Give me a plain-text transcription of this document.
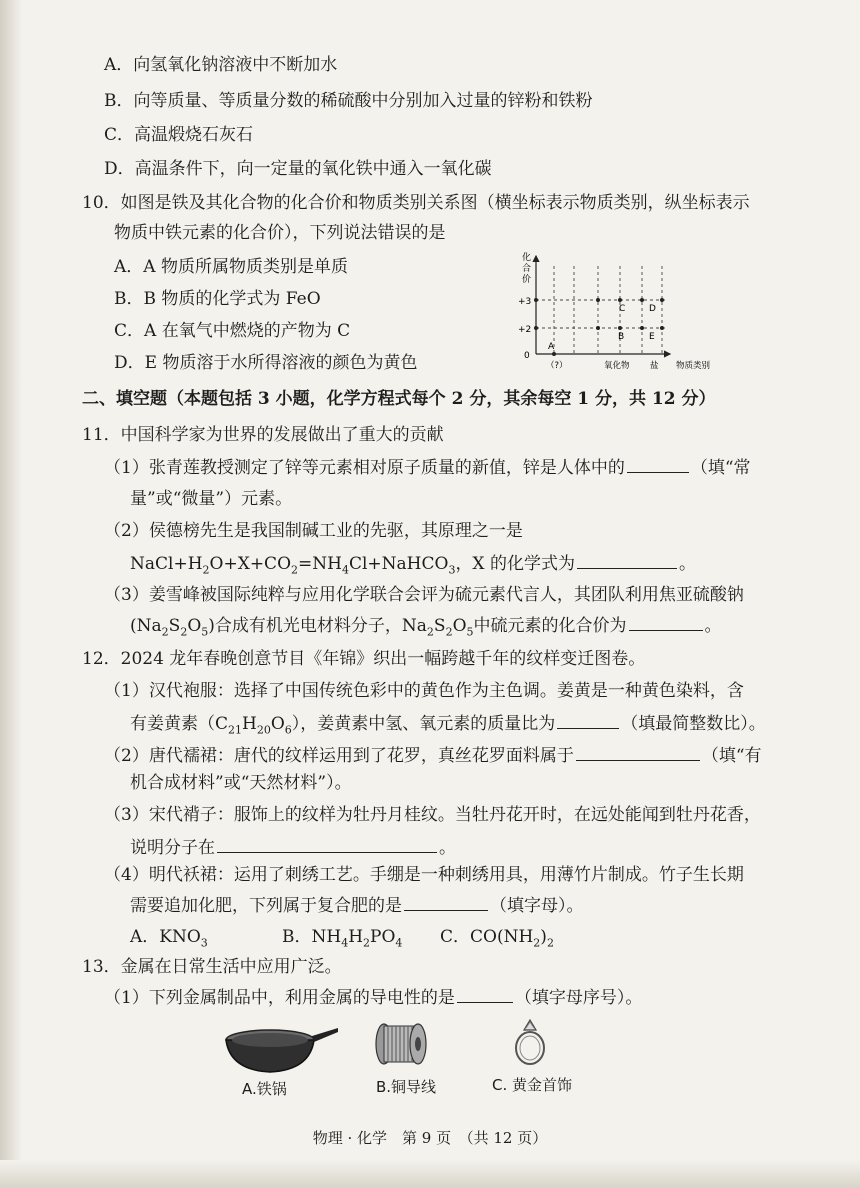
A．向氢氧化钠溶液中不断加水
B．向等质量、等质量分数的稀硫酸中分别加入过量的锌粉和铁粉
C．高温煅烧石灰石
D．高温条件下，向一定量的氧化铁中通入一氧化碳
10．如图是铁及其化合物的化合价和物质类别关系图（横坐标表示物质类别，纵坐标表示
物质中铁元素的化合价），下列说法错误的是
A．A 物质所属物质类别是单质
B．B 物质的化学式为 FeO
C．A 在氧气中燃烧的产物为 C
D．E 物质溶于水所得溶液的颜色为黄色
化
合
价
+3
+2
0
A
B
C	D
E
（?）	氧化物 盐 物质类别
二、填空题（本题包括 3 小题，化学方程式每个 2 分，其余每空 1 分，共 12 分）
11．中国科学家为世界的发展做出了重大的贡献
（1）张青莲教授测定了锌等元素相对原子质量的新值，锌是人体中的	（填“常
量”或“微量”）元素。
（2）侯德榜先生是我国制碱工业的先驱，其原理之一是
$NaCl+H_2O+X+CO_2=NH_4Cl+NaHCO_3$，X 的化学式为	。
（3）姜雪峰被国际纯粹与应用化学联合会评为硫元素代言人，其团队利用焦亚硫酸钠
$(Na_2S_2O_5)$合成有机光电材料分子，$Na_2S_2O_5$中硫元素的化合价为	。
12．2024 龙年春晚创意节目《年锦》织出一幅跨越千年的纹样变迁图卷。
（1）汉代袍服：选择了中国传统色彩中的黄色作为主色调。姜黄是一种黄色染料，含
有姜黄素$(C_{21}H_{20}O_6)$，姜黄素中氢、氧元素的质量比为	（填最简整数比）。
（2）唐代襦裙：唐代的纹样运用到了花罗，真丝花罗面料属于	（填“有
机合成材料”或“天然材料”）。
（3）宋代褙子：服饰上的纹样为牡丹月桂纹。当牡丹花开时，在远处能闻到牡丹花香，
说明分子在	。
（4）明代袄裙：运用了刺绣工艺。手绷是一种刺绣用具，用薄竹片制成。竹子生长期
需要追加化肥，下列属于复合肥的是	（填字母）。
A．$KNO_3$	B．$NH_4H_2PO_4$ C．$CO(NH_2)_2$
13．金属在日常生活中应用广泛。
（1）下列金属制品中，利用金属的导电性的是	（填字母序号）。
A.铁锅	B.铜导线	C. 黄金首饰
物理 · 化学　第 9 页　（共 12 页）
